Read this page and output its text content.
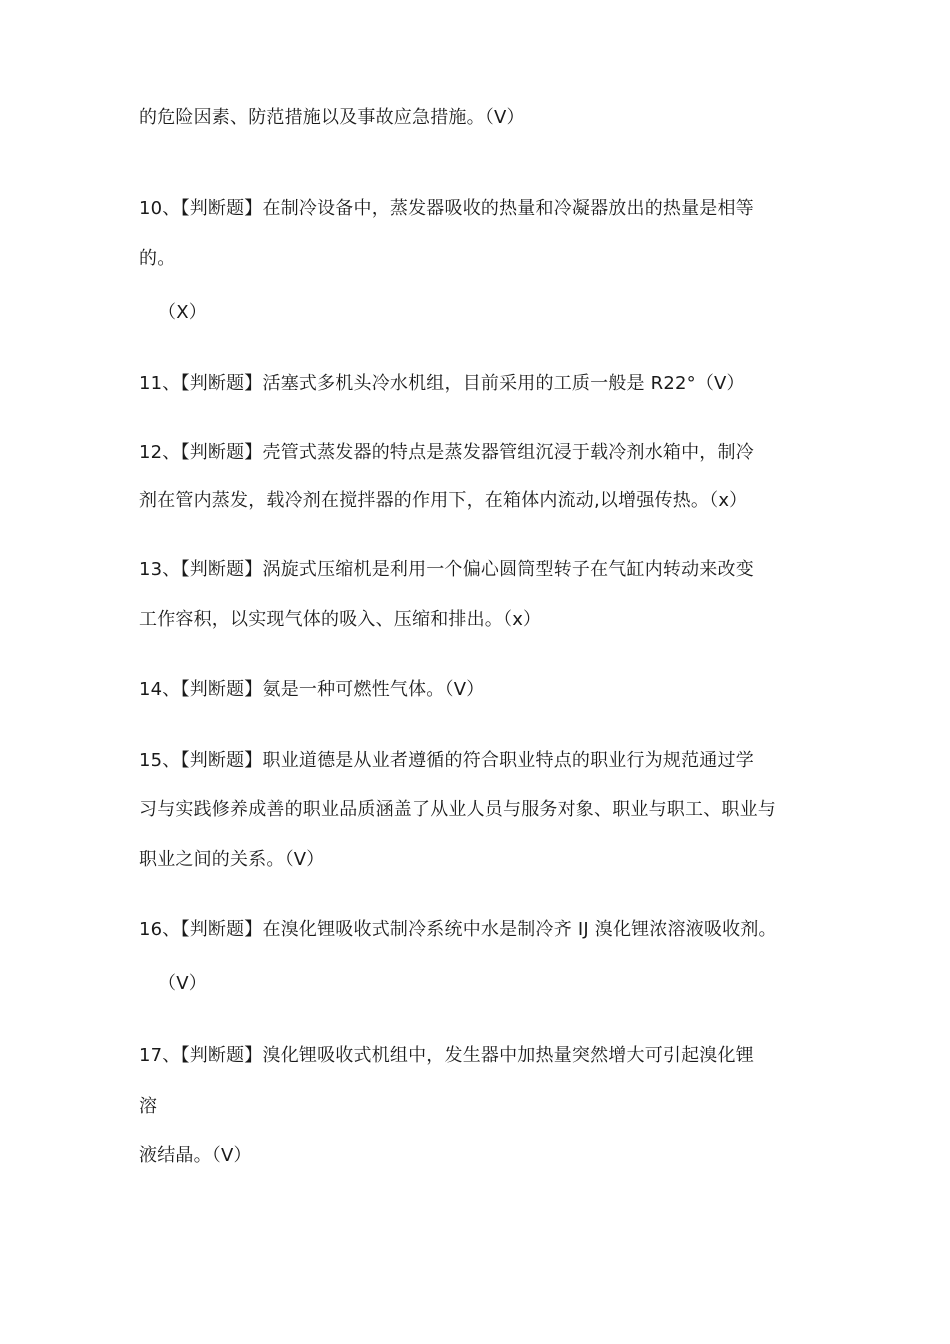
的危险因素、防范措施以及事故应急措施。（V）
10、【判断题】在制冷设备中，蒸发器吸收的热量和冷凝器放出的热量是相等
的。
（X）
11、【判断题】活塞式多机头冷水机组，目前采用的工质一般是 R22°（V）
12、【判断题】壳管式蒸发器的特点是蒸发器管组沉浸于载冷剂水箱中，制冷
剂在管内蒸发，载冷剂在搅拌器的作用下，在箱体内流动,以增强传热。（x）
13、【判断题】涡旋式压缩机是利用一个偏心圆筒型转子在气缸内转动来改变
工作容积，以实现气体的吸入、压缩和排出。（x）
14、【判断题】氨是一种可燃性气体。（V）
15、【判断题】职业道德是从业者遵循的符合职业特点的职业行为规范通过学
习与实践修养成善的职业品质涵盖了从业人员与服务对象、职业与职工、职业与
职业之间的关系。（V）
16、【判断题】在溴化锂吸收式制冷系统中水是制冷齐 IJ 溴化锂浓溶液吸收剂。
（V）
17、【判断题】溴化锂吸收式机组中，发生器中加热量突然增大可引起溴化锂
溶
液结晶。（V）
